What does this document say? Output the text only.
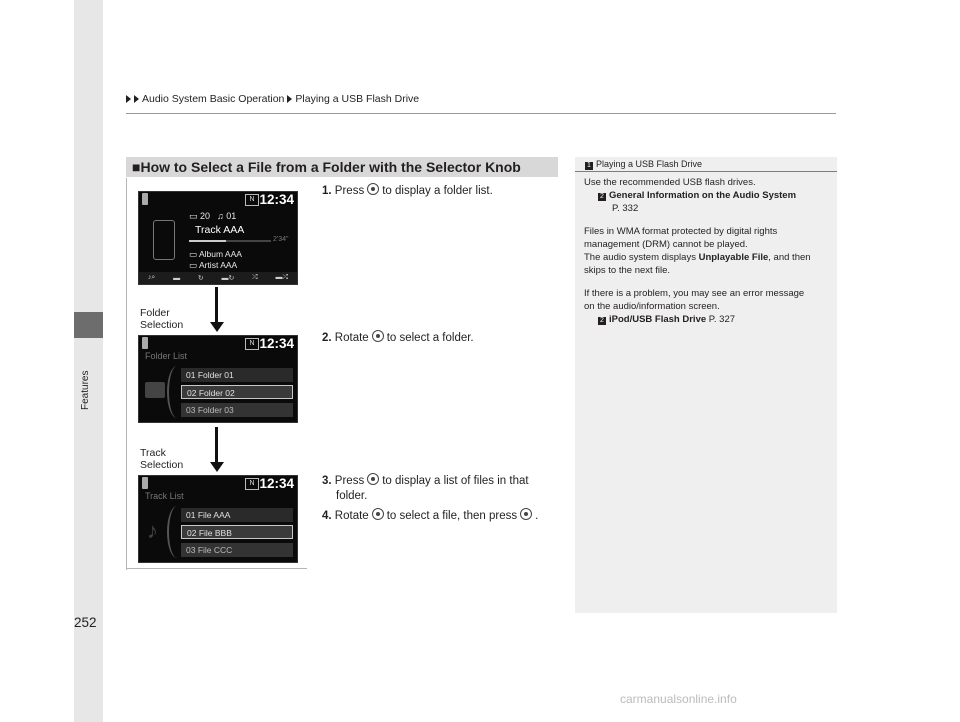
Features
252
Audio System Basic Operation Playing a USB Flash Drive
■How to Select a File from a Folder with the Selector Knob
N 12:34
▭ 20 ♫ 01
Track AAA
2'34"
▭ Album AAA
▭ Artist AAA
♪⌕	▬	↻	▬↻	⤮	▬⤮
Folder
Selection
N 12:34
Folder List
01 Folder 01
02 Folder 02
03 Folder 03
Track
Selection
N 12:34
Track List
♪
01 File AAA
02 File BBB
03 File CCC
1. Press to display a folder list.
2. Rotate to select a folder.
3. Press to display a list of files in that
folder.
4. Rotate to select a file, then press .
1 Playing a USB Flash Drive
Use the recommended USB flash drives.
2 General Information on the Audio System
P. 332
Files in WMA format protected by digital rights
management (DRM) cannot be played.
The audio system displays Unplayable File, and then
skips to the next file.
If there is a problem, you may see an error message
on the audio/information screen.
2 iPod/USB Flash Drive P. 327
carmanualsonline.info
